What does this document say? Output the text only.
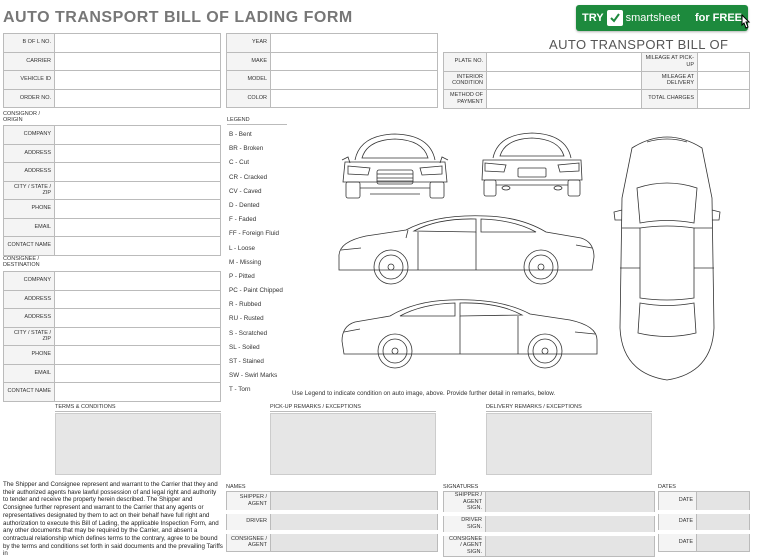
AUTO TRANSPORT BILL OF LADING FORM	TRY smartsheet for FREE
AUTO TRANSPORT BILL OF
B OF L NO.	
CARRIER	
VEHICLE ID	
ORDER NO.	
YEAR	
MAKE	
MODEL	
COLOR	
PLATE NO.		MILEAGE AT PICK-UP	
INTERIOR CONDITION		MILEAGE AT DELIVERY	
METHOD OF PAYMENT		TOTAL CHARGES	
CONSIGNOR / ORIGIN
COMPANY	
ADDRESS	
ADDRESS	
CITY / STATE / ZIP	
PHONE	
EMAIL	
CONTACT NAME	
CONSIGNEE / DESTINATION
COMPANY	
ADDRESS	
ADDRESS	
CITY / STATE / ZIP	
PHONE	
EMAIL	
CONTACT NAME	
LEGEND
B - Bent
BR - Broken
C - Cut
CR - Cracked
CV - Caved
D - Dented
F - Faded
FF - Foreign Fluid
L - Loose
M - Missing
P - Pitted
PC - Paint Chipped
R - Rubbed
RU - Rusted
S - Scratched
SL - Soiled
ST - Stained
SW - Swirl Marks
T - Torn
Use Legend to indicate condition on auto image, above. Provide further detail in remarks, below.
TERMS & CONDITIONS	PICK-UP REMARKS / EXCEPTIONS	DELIVERY REMARKS / EXCEPTIONS
The Shipper and Consignee represent and warrant to the Carrier that they and their authorized agents have lawful possession of and legal right and authority to tender and receive the property herein described. The Shipper and Consignee further represent and warrant to the Carrier that any agents or representatives designated by them to act on their behalf have full right and authorization to execute this Bill of Lading, the applicable Inspection Form, and any other documents that may be required by the Carrier, and absent a contractual relationship which defines terms to the contrary, agree to be bound by the terms and conditions set forth in said documents and the prevailing Tariffs in
NAMES
SHIPPER / AGENT	
DRIVER	
CONSIGNEE / AGENT	
SIGNATURES
SHIPPER / AGENT SIGN.	
DRIVER SIGN.	
CONSIGNEE / AGENT SIGN.	
DATES
DATE	
DATE	
DATE	
